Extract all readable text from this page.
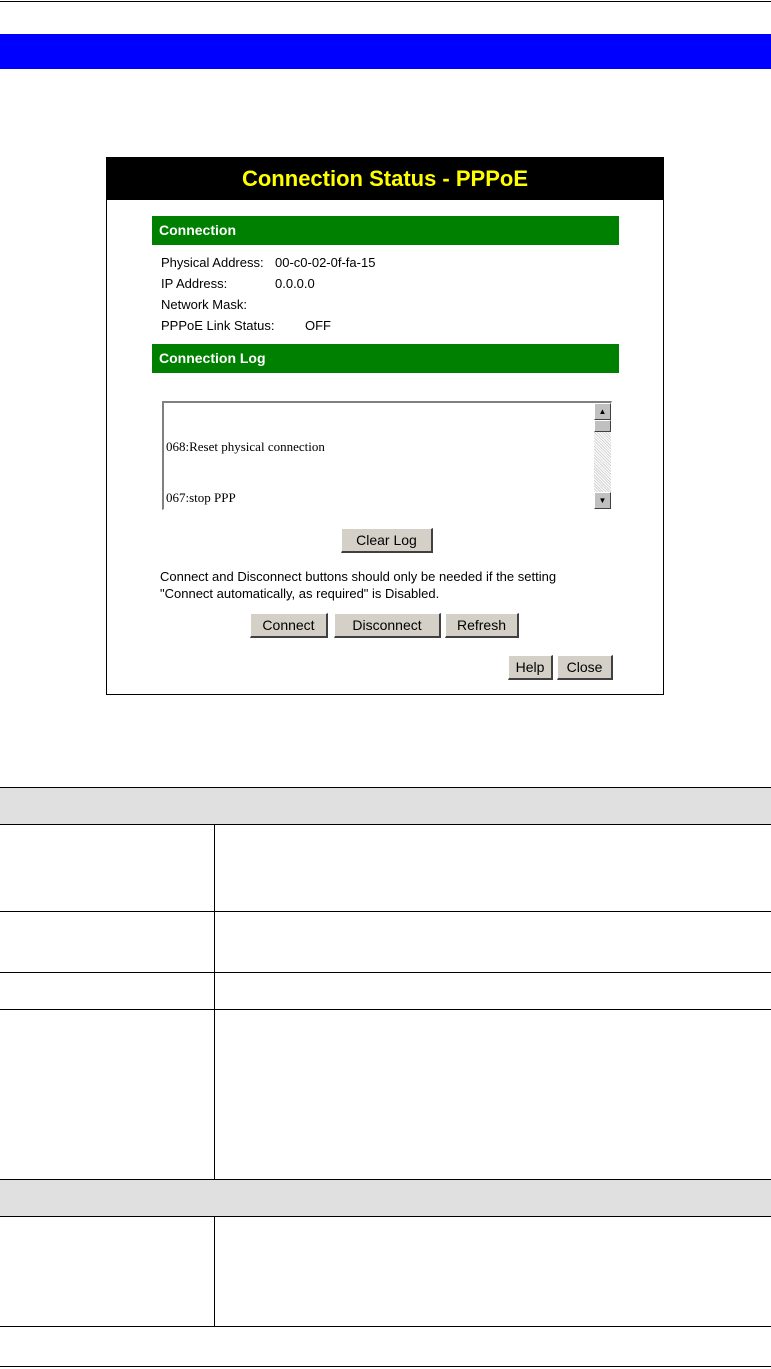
Connection Status - PPPoE
Connection
Physical Address: 00-c0-02-0f-fa-15
IP Address:	0.0.0.0
Network Mask:
PPPoE Link Status: OFF
Connection Log

068:Reset physical connection

067:stop PPP

▲
▼
Clear Log
Connect and Disconnect buttons should only be needed if the setting
"Connect automatically, as required" is Disabled.
Connect	Disconnect	Refresh
Help	Close
